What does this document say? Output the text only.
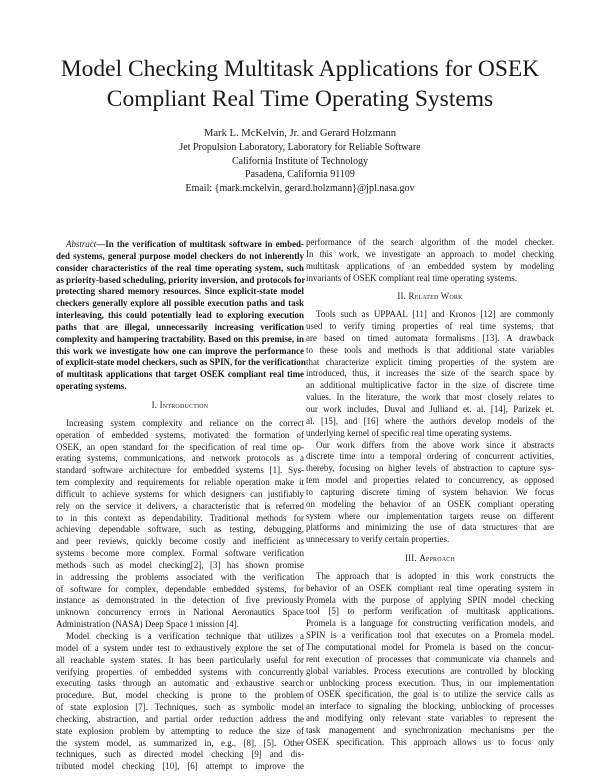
Model Checking Multitask Applications for OSEK
Compliant Real Time Operating Systems
Mark L. McKelvin, Jr. and Gerard Holzmann
Jet Propulsion Laboratory, Laboratory for Reliable Software
California Institute of Technology
Pasadena, California 91109
Email: {mark.mckelvin, gerard.holzmann}@jpl.nasa.gov
Abstract—In the verification of multitask software in embed-
ded systems, general purpose model checkers do not inherently
consider characteristics of the real time operating system, such
as priority-based scheduling, priority inversion, and protocols for
protecting shared memory resources. Since explicit-state model
checkers generally explore all possible execution paths and task
interleaving, this could potentially lead to exploring execution
paths that are illegal, unnecessarily increasing verification
complexity and hampering tractability. Based on this premise, in
this work we investigate how one can improve the performance
of explicit-state model checkers, such as SPIN, for the verification
of multitask applications that target OSEK compliant real time
operating systems.
I. Introduction
Increasing system complexity and reliance on the correct
operation of embedded systems, motivated the formation of
OSEK, an open standard for the specification of real time op-
erating systems, communications, and network protocols as a
standard software architecture for embedded systems [1]. Sys-
tem complexity and requirements for reliable operation make it
difficult to achieve systems for which designers can justifiably
rely on the service it delivers, a characteristic that is referred
to in this context as dependability. Traditional methods for
achieving dependable software, such as testing, debugging,
and peer reviews, quickly become costly and inefficient as
systems become more complex. Formal software verification
methods such as model checking[2], [3] has shown promise
in addressing the problems associated with the verification
of software for complex, dependable embedded systems, for
instance as demonstrated in the detection of five previously
unknown concurrency errors in National Aeronautics Space
Administration (NASA) Deep Space 1 mission [4].
Model checking is a verification technique that utilizes a
model of a system under test to exhaustively explore the set of
all reachable system states. It has been particularly useful for
verifying properties of embedded systems with concurrently
executing tasks through an automatic and exhaustive search
procedure. But, model checking is prone to the problem
of state explosion [7]. Techniques, such as symbolic model
checking, abstraction, and partial order reduction address the
state explosion problem by attempting to reduce the size of
the system model, as summarized in, e.g., [8], [5]. Other
techniques, such as directed model checking [9] and dis-
tributed model checking [10], [6] attempt to improve the
performance of the search algorithm of the model checker.
In this work, we investigate an approach to model checking
multitask applications of an embedded system by modeling
invariants of OSEK compliant real time operating systems.
II. Related Work
Tools such as UPPAAL [11] and Kronos [12] are commonly
used to verify timing properties of real time systems, that
are based on timed automata formalisms [13]. A drawback
to these tools and methods is that additional state variables
that characterize explicit timing properties of the system are
introduced, thus, it increases the size of the search space by
an additional multiplicative factor in the size of discrete time
values. In the literature, the work that most closely relates to
our work includes, Duval and Julliand et. al. [14], Parizek et.
al. [15], and [16] where the authors develop models of the
underlying kernel of specific real time operating systems.
Our work differs from the above work since it abstracts
discrete time into a temporal ordering of concurrent activities,
thereby, focusing on higher levels of abstraction to capture sys-
tem model and properties related to concurrency, as opposed
to capturing discrete timing of system behavior. We focus
on modeling the behavior of an OSEK compliant operating
system where our implementation targets reuse on different
platforms and minimizing the use of data structures that are
unnecessary to verify certain properties.
III. Approach
The approach that is adopted in this work constructs the
behavior of an OSEK compliant real time operating system in
Promela with the purpose of applying SPIN model checking
tool [5] to perform verification of multitask applications.
Promela is a language for constructing verification models, and
SPIN is a verification tool that executes on a Promela model.
The computational model for Promela is based on the concur-
rent execution of processes that communicate via channels and
global variables. Process executions are controlled by blocking
or unblocking process execution. Thus, in our implementation
of OSEK specification, the goal is to utilize the service calls as
an interface to signaling the blocking, unblocking of processes
and modifying only relevant state variables to represent the
task management and synchronization mechanisms per the
OSEK specification. This approach allows us to focus only
